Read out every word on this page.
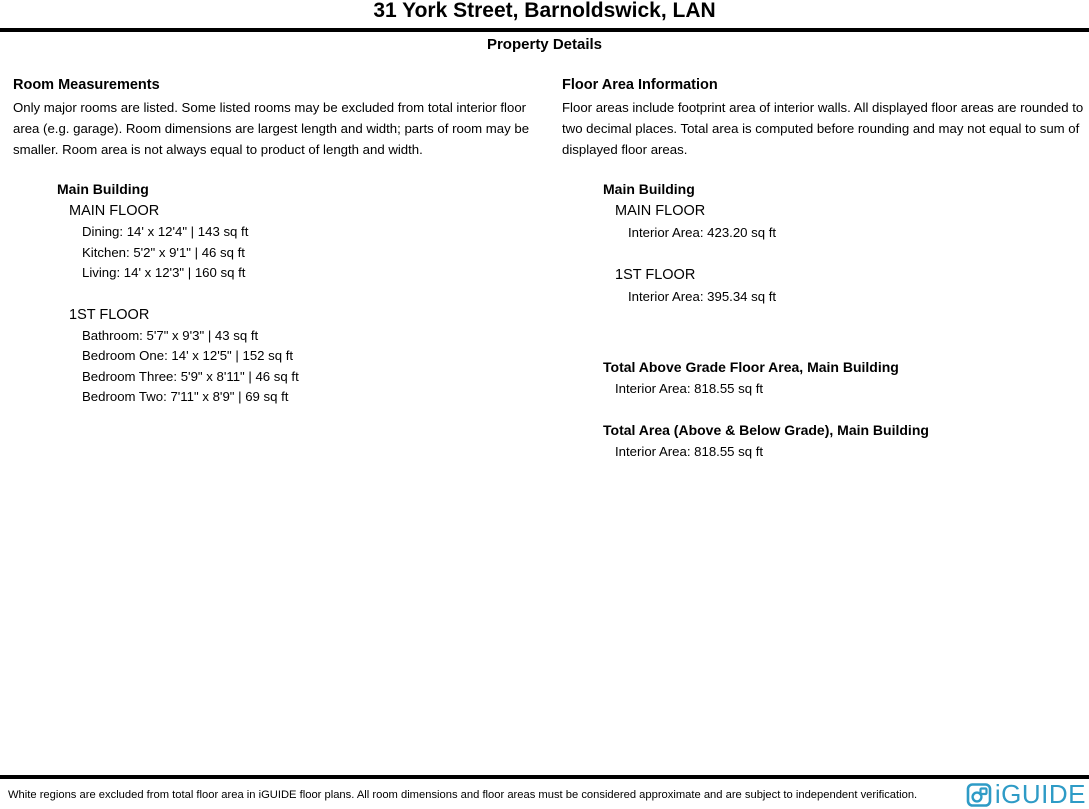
31 York Street, Barnoldswick, LAN
Property Details
Room Measurements

Only major rooms are listed. Some listed rooms may be excluded from total interior floor area (e.g. garage). Room dimensions are largest length and width; parts of room may be smaller. Room area is not always equal to product of length and width.

Main Building
MAIN FLOOR
Dining: 14' x 12'4" | 143 sq ft
Kitchen: 5'2" x 9'1" | 46 sq ft
Living: 14' x 12'3" | 160 sq ft
1ST FLOOR
Bathroom: 5'7" x 9'3" | 43 sq ft
Bedroom One: 14' x 12'5" | 152 sq ft
Bedroom Three: 5'9" x 8'11" | 46 sq ft
Bedroom Two: 7'11" x 8'9" | 69 sq ft
Floor Area Information

Floor areas include footprint area of interior walls. All displayed floor areas are rounded to two decimal places. Total area is computed before rounding and may not equal to sum of displayed floor areas.

Main Building
MAIN FLOOR
Interior Area: 423.20 sq ft
1ST FLOOR
Interior Area: 395.34 sq ft
Total Above Grade Floor Area, Main Building
Interior Area: 818.55 sq ft
Total Area (Above & Below Grade), Main Building
Interior Area: 818.55 sq ft
White regions are excluded from total floor area in iGUIDE floor plans. All room dimensions and floor areas must be considered approximate and are subject to independent verification.	iGUIDE
